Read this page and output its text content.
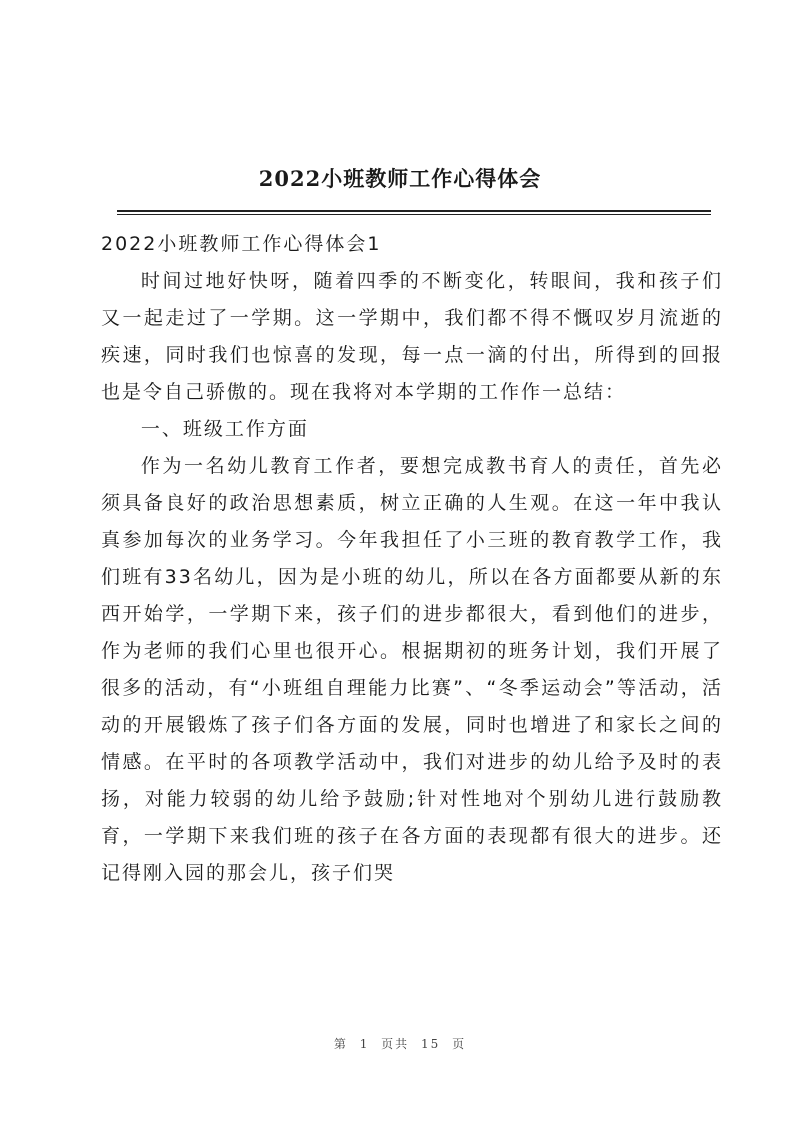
2022小班教师工作心得体会

2022小班教师工作心得体会1

时间过地好快呀，随着四季的不断变化，转眼间，我和孩子们又一起走过了一学期。这一学期中，我们都不得不慨叹岁月流逝的疾速，同时我们也惊喜的发现，每一点一滴的付出，所得到的回报也是令自己骄傲的。现在我将对本学期的工作作一总结：

一、班级工作方面

作为一名幼儿教育工作者，要想完成教书育人的责任，首先必须具备良好的政治思想素质，树立正确的人生观。在这一年中我认真参加每次的业务学习。今年我担任了小三班的教育教学工作，我们班有33名幼儿，因为是小班的幼儿，所以在各方面都要从新的东西开始学，一学期下来，孩子们的进步都很大，看到他们的进步，作为老师的我们心里也很开心。根据期初的班务计划，我们开展了很多的活动，有“小班组自理能力比赛”、“冬季运动会”等活动，活动的开展锻炼了孩子们各方面的发展，同时也增进了和家长之间的情感。在平时的各项教学活动中，我们对进步的幼儿给予及时的表扬，对能力较弱的幼儿给予鼓励;针对性地对个别幼儿进行鼓励教育，一学期下来我们班的孩子在各方面的表现都有很大的进步。还记得刚入园的那会儿，孩子们哭

第 1 页共 15 页
